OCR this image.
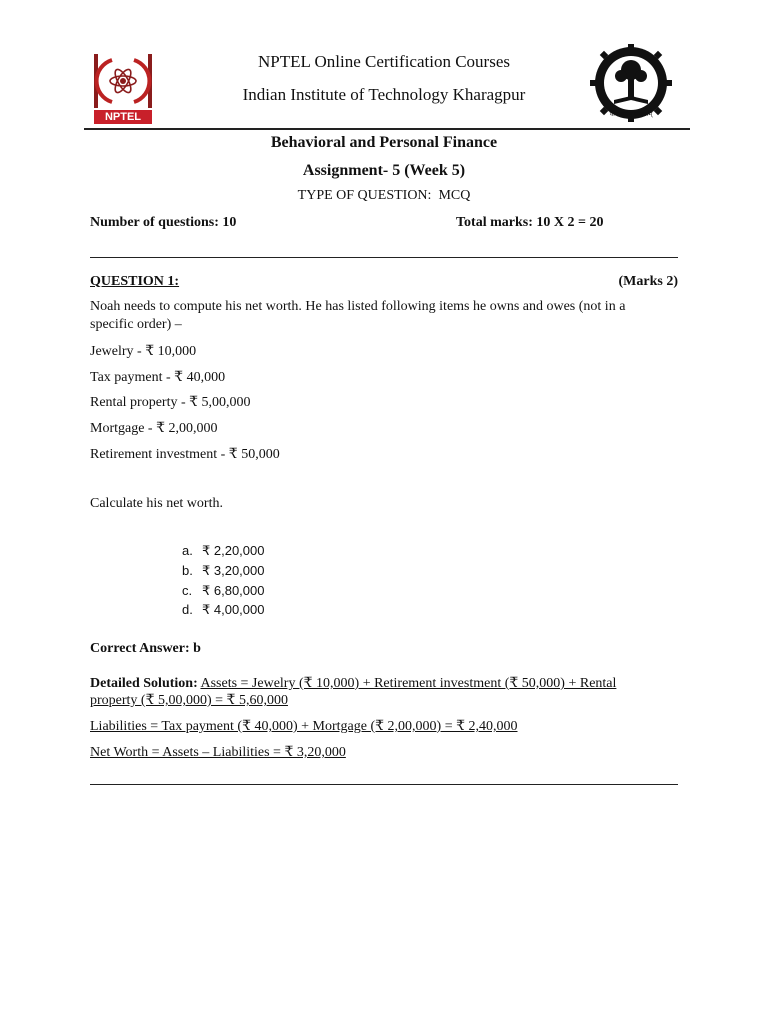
NPTEL
NPTEL Online Certification Courses
Indian Institute of Technology Kharagpur
योग कर्मसु कौशलम्
Behavioral and Personal Finance
Assignment- 5 (Week 5)
TYPE OF QUESTION: MCQ
Number of questions: 10	Total marks: 10 X 2 = 20
QUESTION 1:	(Marks 2)
Noah needs to compute his net worth. He has listed following items he owns and owes (not in a
specific order) –
Jewelry - ₹ 10,000
Tax payment - ₹ 40,000
Rental property - ₹ 5,00,000
Mortgage - ₹ 2,00,000
Retirement investment - ₹ 50,000
Calculate his net worth.
a. ₹ 2,20,000
b. ₹ 3,20,000
c. ₹ 6,80,000
d. ₹ 4,00,000
Correct Answer: b
Detailed Solution: Assets = Jewelry (₹ 10,000) + Retirement investment (₹ 50,000) + Rental
property (₹ 5,00,000) = ₹ 5,60,000
Liabilities = Tax payment (₹ 40,000) + Mortgage (₹ 2,00,000) = ₹ 2,40,000
Net Worth = Assets – Liabilities = ₹ 3,20,000
